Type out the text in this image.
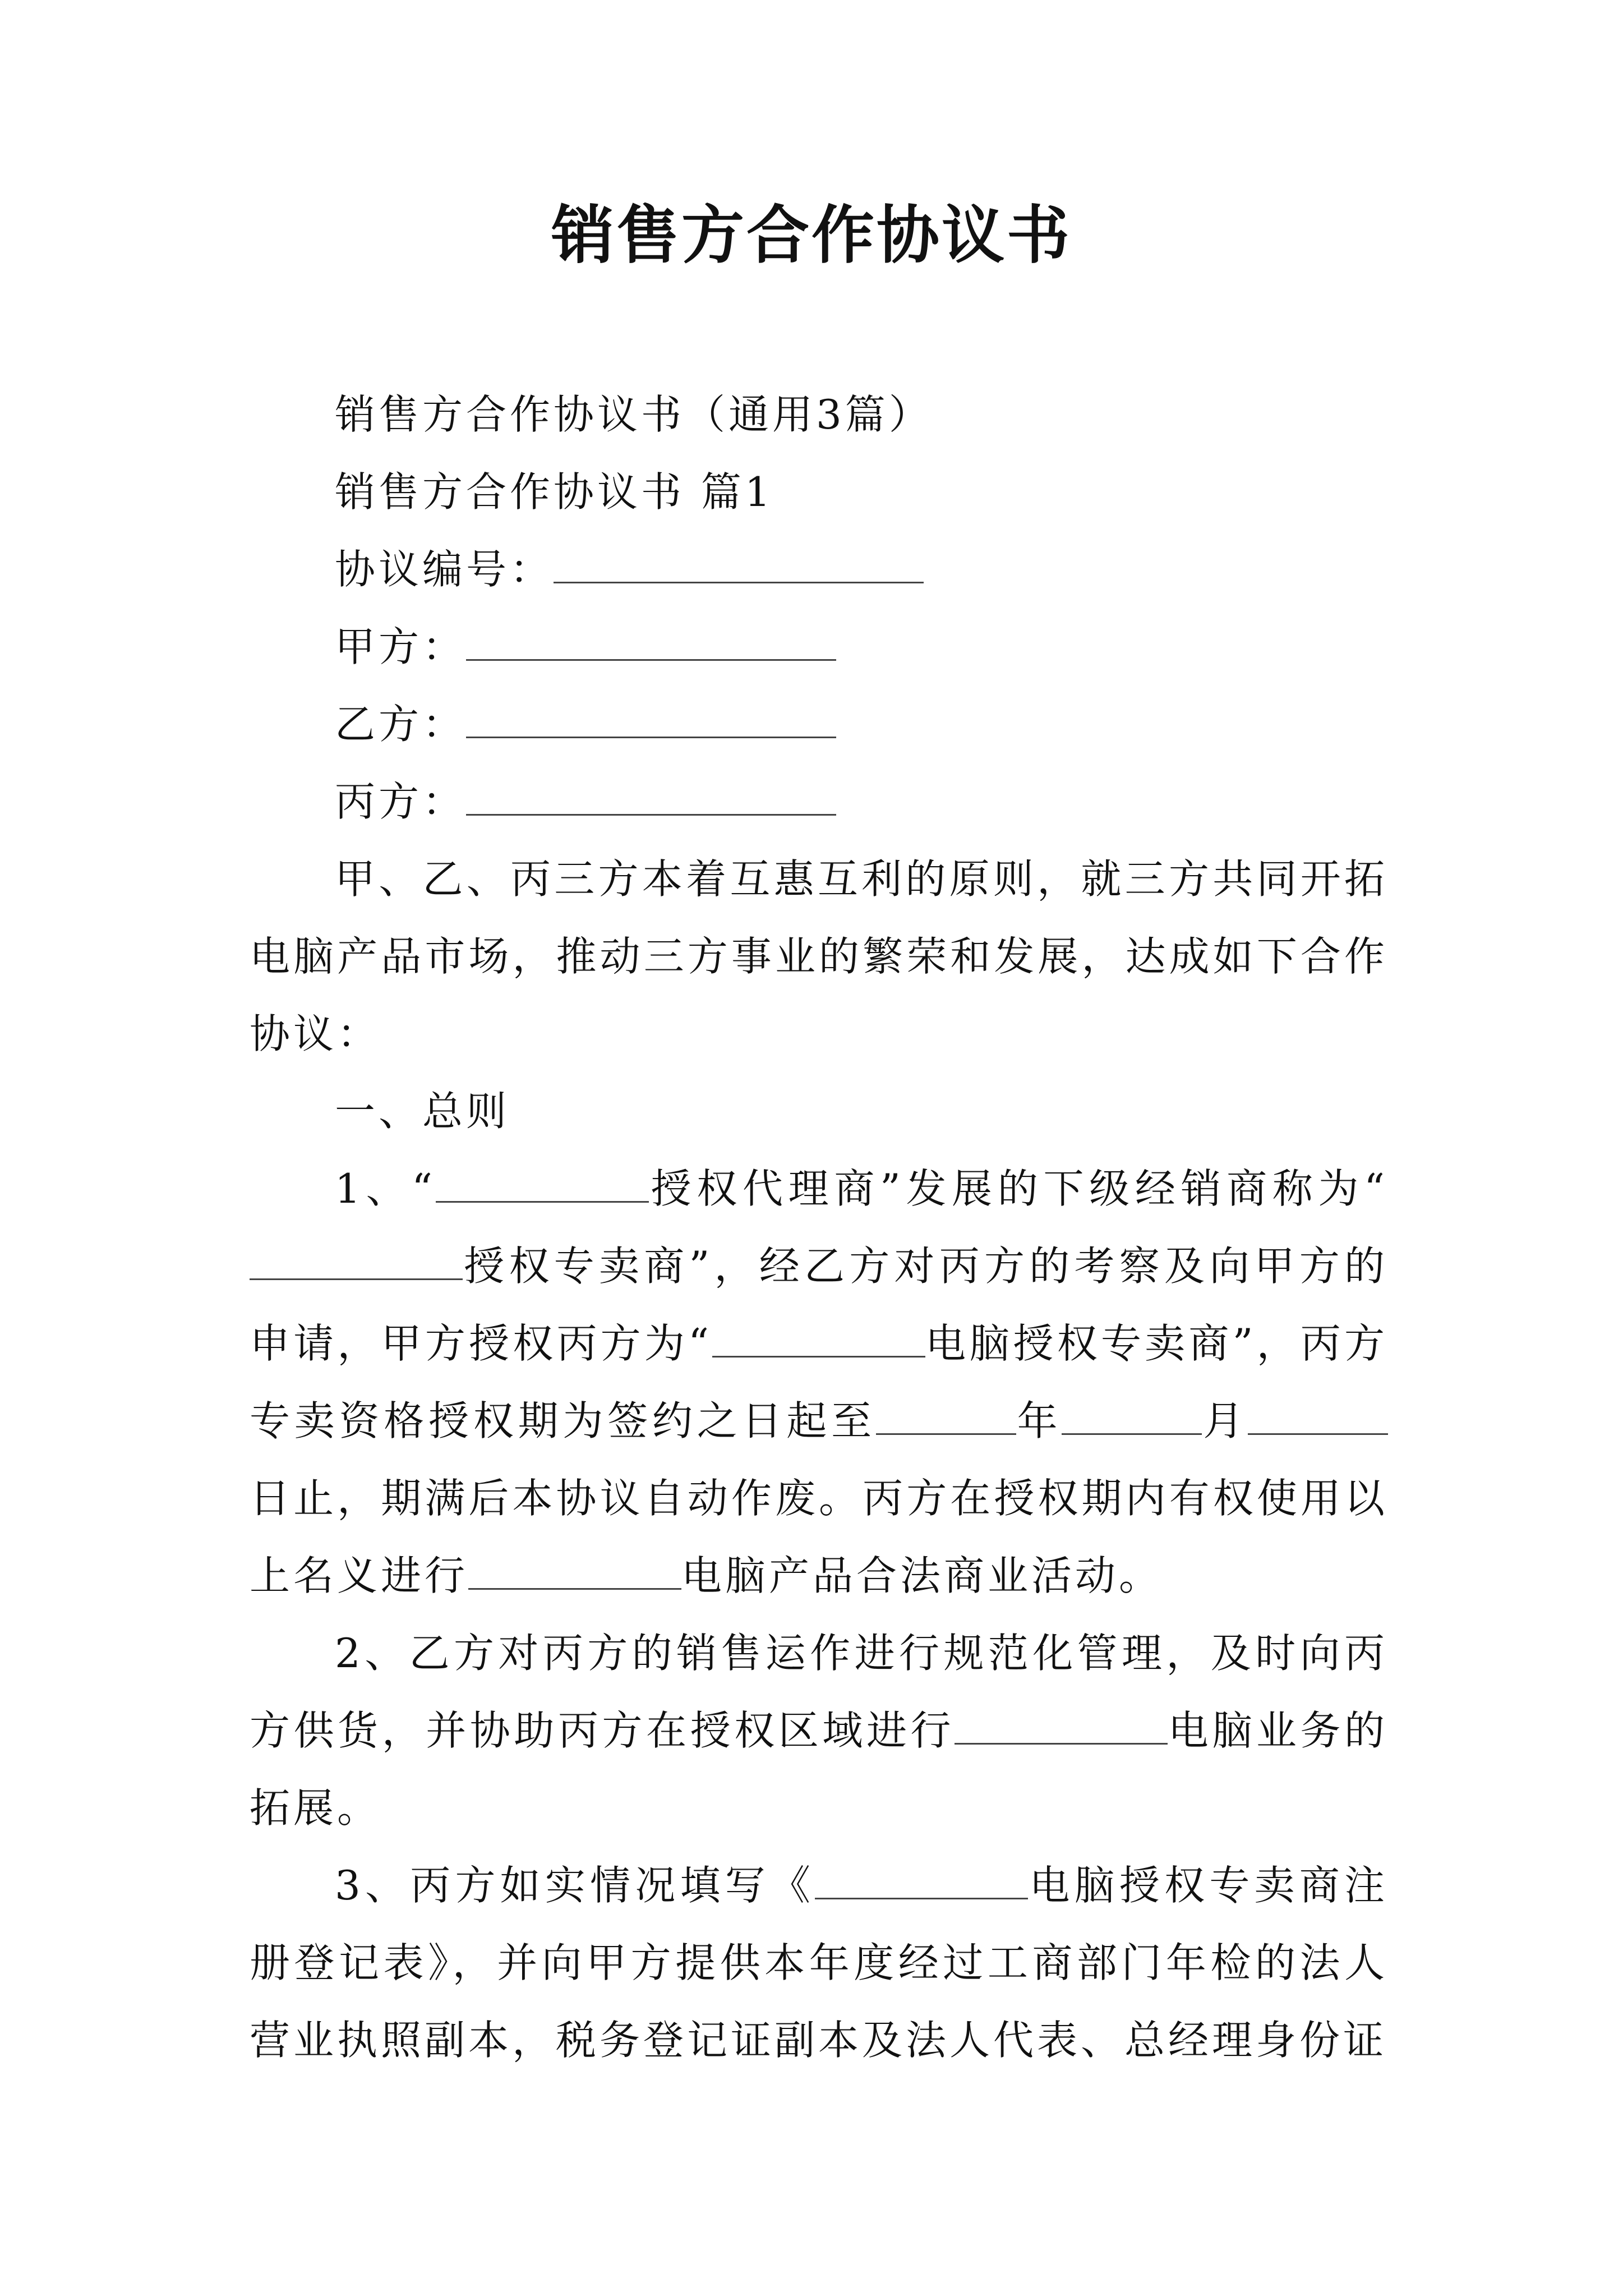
销售方合作协议书

销售方合作协议书（通用3篇）

销售方合作协议书 篇1

协议编号：

甲方：

乙方：

丙方：

甲、乙、丙三方本着互惠互利的原则，就三方共同开拓电脑产品市场，推动三方事业的繁荣和发展，达成如下合作协议：

一、总则

1、“	授权代理商”发展的下级经销商称为“授权专卖商”，经乙方对丙方的考察及向甲方的申请，甲方授权丙方为“	电脑授权专卖商”，丙方专卖资格授权期为签约之日起至	年	月日止，期满后本协议自动作废。丙方在授权期内有权使用以上名义进行	电脑产品合法商业活动。

2、乙方对丙方的销售运作进行规范化管理，及时向丙方供货，并协助丙方在授权区域进行	电脑业务的拓展。

3、丙方如实情况填写《	电脑授权专卖商注册登记表》，并向甲方提供本年度经过工商部门年检的法人营业执照副本，税务登记证副本及法人代表、总经理身份证
